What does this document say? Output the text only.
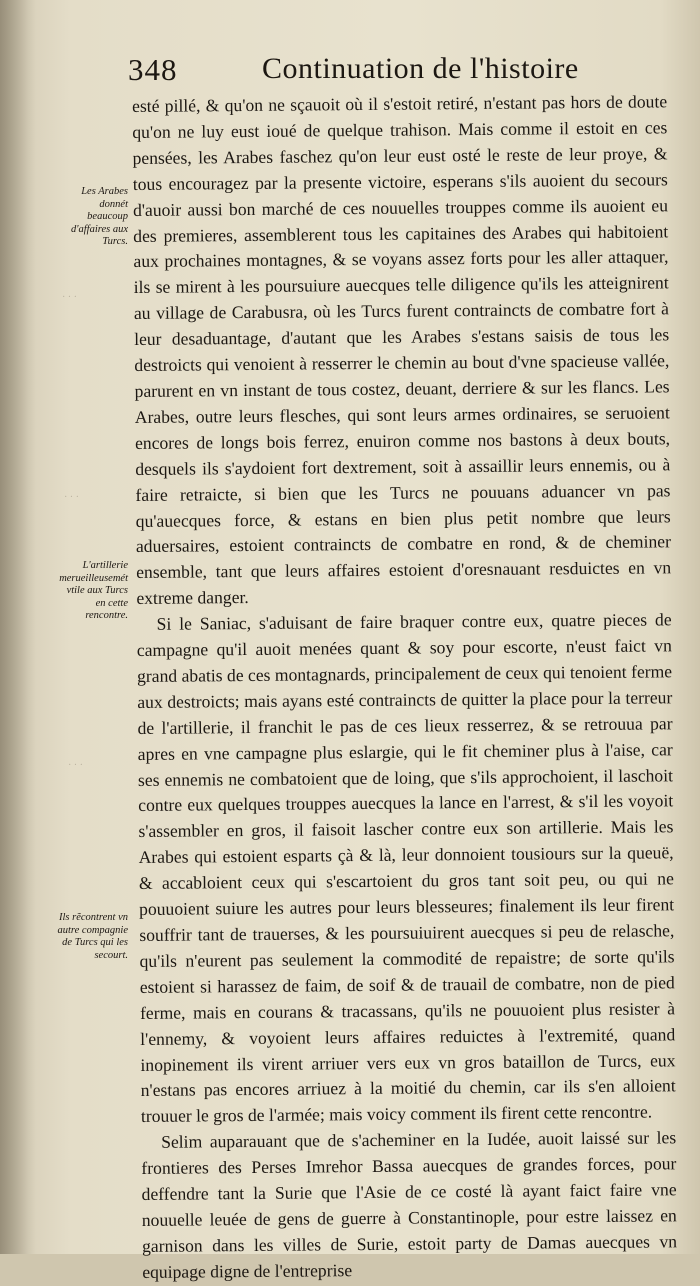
· · ·
· · ·
· · ·
348	Continuation de l'histoire

esté pillé, & qu'on ne sçauoit où il s'estoit retiré, n'estant pas hors de doute qu'on ne luy eust ioué de quelque trahison. Mais comme il estoit en ces pensées, les Arabes faschez qu'on leur eust osté le reste de leur proye, & tous encouragez par la presente victoire, esperans s'ils auoient du secours d'auoir aussi bon marché de ces nouuelles trouppes comme ils auoient eu des premieres, assemblerent tous les capitaines des Arabes qui habitoient aux prochaines montagnes, & se voyans assez forts pour les aller attaquer, ils se mirent à les poursuiure auecques telle diligence qu'ils les atteignirent au village de Carabusra, où les Turcs furent contraincts de combatre fort à leur desaduantage, d'autant que les Arabes s'estans saisis de tous les destroicts qui venoient à resserrer le chemin au bout d'vne spacieuse vallée, parurent en vn instant de tous costez, deuant, derriere & sur les flancs. Les Arabes, outre leurs flesches, qui sont leurs armes ordinaires, se seruoient encores de longs bois ferrez, enuiron comme nos bastons à deux bouts, desquels ils s'aydoient fort dextrement, soit à assaillir leurs ennemis, ou à faire retraicte, si bien que les Turcs ne pouuans aduancer vn pas qu'auecques force, & estans en bien plus petit nombre que leurs aduersaires, estoient contraincts de combatre en rond, & de cheminer ensemble, tant que leurs affaires estoient d'oresnauant resduictes en vn extreme danger.

Si le Saniac, s'aduisant de faire braquer contre eux, quatre pieces de campagne qu'il auoit menées quant & soy pour escorte, n'eust faict vn grand abatis de ces montagnards, principalement de ceux qui tenoient ferme aux destroicts; mais ayans esté contraincts de quitter la place pour la terreur de l'artillerie, il franchit le pas de ces lieux resserrez, & se retrouua par apres en vne campagne plus eslargie, qui le fit cheminer plus à l'aise, car ses ennemis ne combatoient que de loing, que s'ils approchoient, il laschoit contre eux quelques trouppes auecques la lance en l'arrest, & s'il les voyoit s'assembler en gros, il faisoit lascher contre eux son artillerie. Mais les Arabes qui estoient esparts çà & là, leur donnoient tousiours sur la queuë, & accabloient ceux qui s'escartoient du gros tant soit peu, ou qui ne pouuoient suiure les autres pour leurs blesseures; finalement ils leur firent souffrir tant de trauerses, & les poursuiuirent auecques si peu de relasche, qu'ils n'eurent pas seulement la commodité de repaistre; de sorte qu'ils estoient si harassez de faim, de soif & de trauail de combatre, non de pied ferme, mais en courans & tracassans, qu'ils ne pouuoient plus resister à l'ennemy, & voyoient leurs affaires reduictes à l'extremité, quand inopinement ils virent arriuer vers eux vn gros bataillon de Turcs, eux n'estans pas encores arriuez à la moitié du chemin, car ils s'en alloient trouuer le gros de l'armée; mais voicy comment ils firent cette rencontre.

Selim auparauant que de s'acheminer en la Iudée, auoit laissé sur les frontieres des Perses Imrehor Bassa auecques de grandes forces, pour deffendre tant la Surie que l'Asie de ce costé là ayant faict faire vne nouuelle leuée de gens de guerre à Constantinople, pour estre laissez en garnison dans les villes de Surie, estoit party de Damas auecques vn equipage digne de l'entreprise

Les Arabes donnét beaucoup d'affaires aux Turcs.
L'artillerie merueilleusemét vtile aux Turcs en cette rencontre.
Ils rẽcontrent vn autre compagnie de Turcs qui les secourt.
